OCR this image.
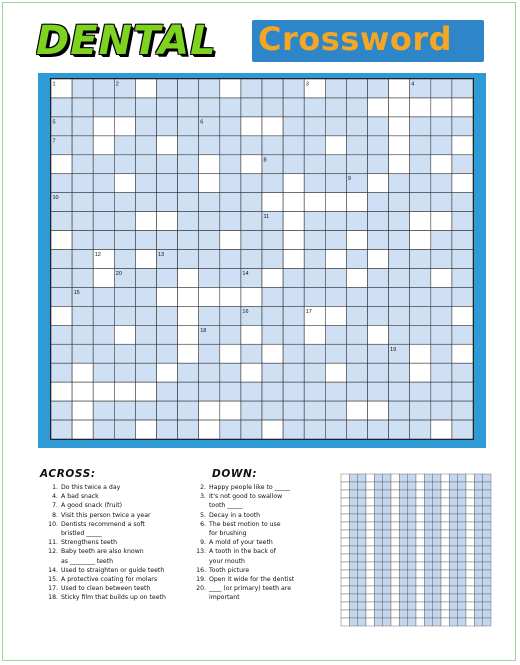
DENTAL Crossword
1	2	3	4
5	6
7
8
9
10
11
12	13
14
15
16	17
18
19
20
ACROSS:
1. Do this twice a day
4. A bad snack
7. A good snack (fruit)
8. Visit this person twice a year
10. Dentists recommend a soft
bristled _____
11. Strengthens teeth
12. Baby teeth are also known
as ________ teeth
14. Used to straighten or guide teeth
15. A protective coating for molars
17. Used to clean between teeth
18. Sticky film that builds up on teeth
DOWN:
2. Happy people like to _____
3. It's not good to swallow
tooth _____
5. Decay in a tooth
6. The best motion to use
for brushing
9. A mold of your teeth
13. A tooth in the back of
your mouth
16. Tooth picture
19. Open it wide for the dentist
20. ____ (or primary) teeth are
important
